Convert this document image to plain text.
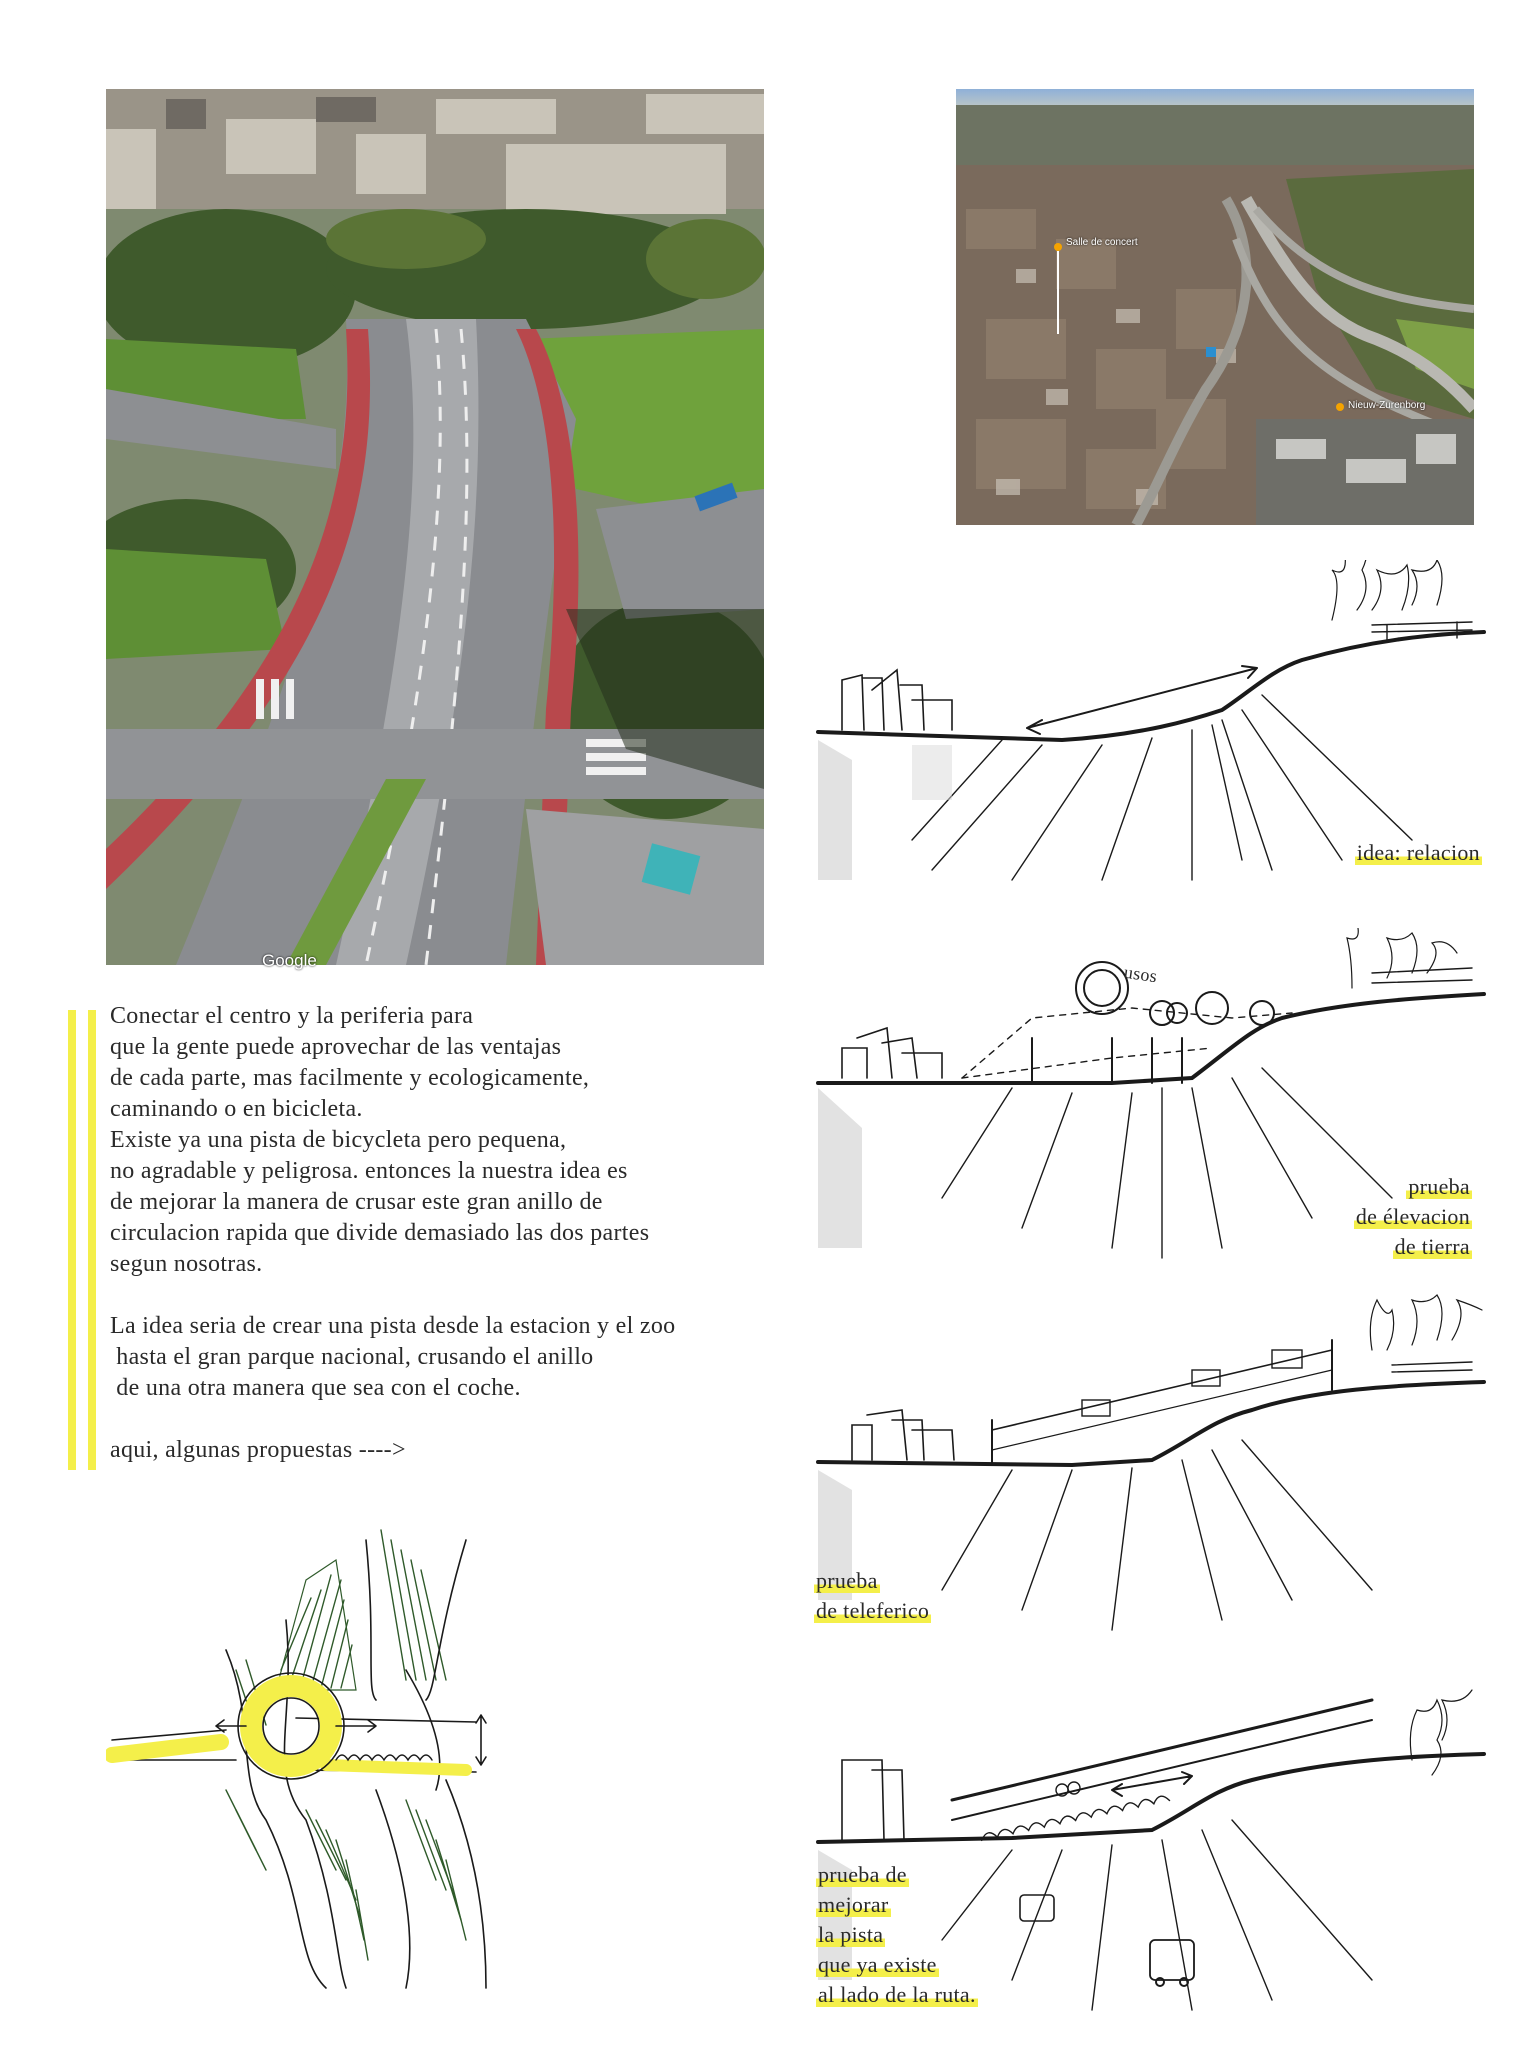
Google
Salle de concert
Nieuw-Zurenborg

Conectar el centro y la periferia para

que la gente puede aprovechar de las ventajas

de cada parte, mas facilmente y ecologicamente,

caminando o en bicicleta.

Existe ya una pista de bicycleta pero pequena,

no agradable y peligrosa. entonces la nuestra idea es

de mejorar la manera de crusar este gran anillo de

circulacion rapida que divide demasiado las dos partes

segun nosotras.

La idea seria de crear una pista desde la estacion y el zoo

hasta el gran parque nacional, crusando el anillo

de una otra manera que sea con el coche.

aqui, algunas propuestas ---->

idea: relacion
usos
prueba
de élevacion
de tierra
prueba
de teleferico
prueba de
mejorar
la pista
que ya existe
al lado de la ruta.
